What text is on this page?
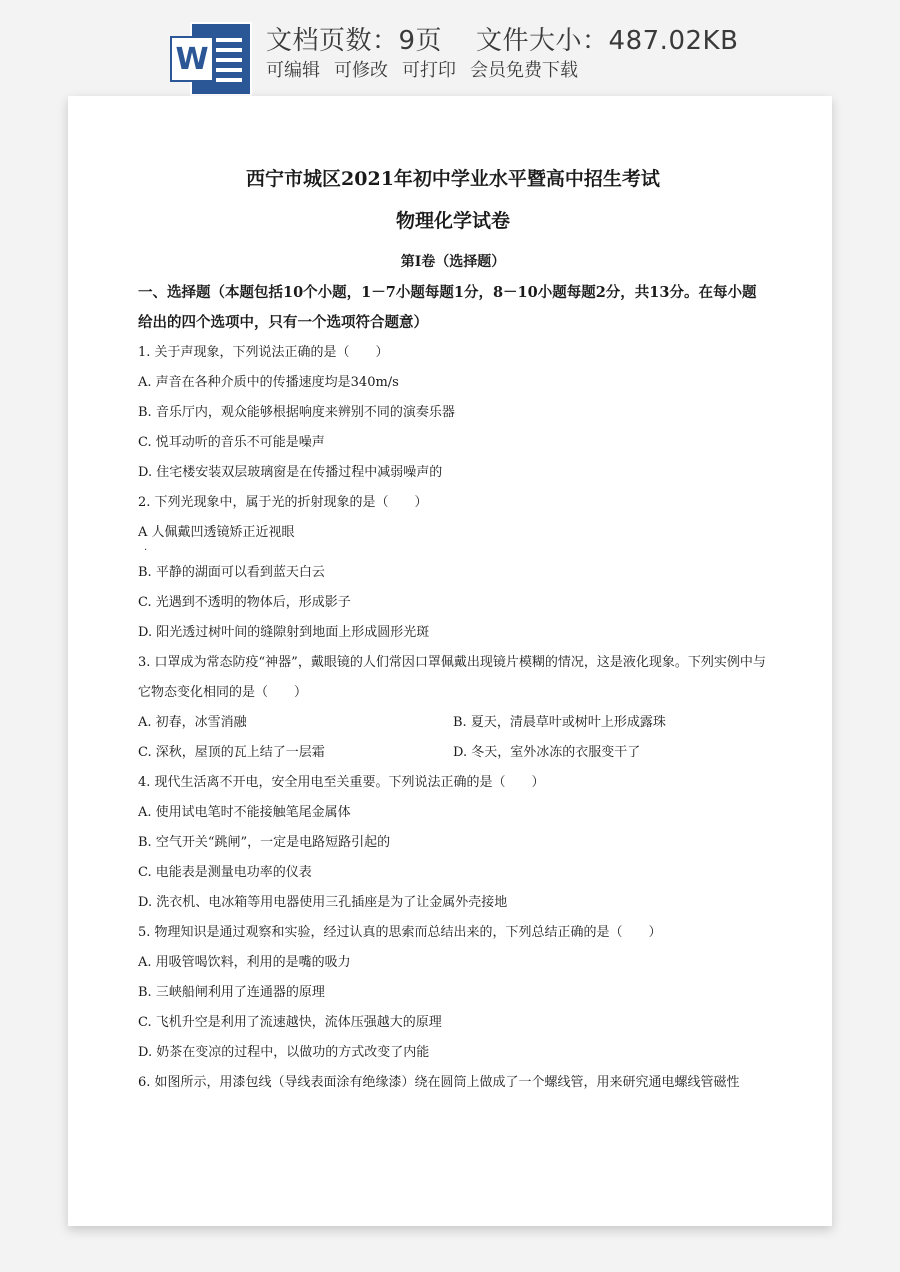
W
文档页数：9页 文件大小：487.02KB
可编辑 可修改 可打印 会员免费下载
西宁市城区2021年初中学业水平暨高中招生考试
物理化学试卷
第Ⅰ卷（选择题）
一、选择题（本题包括10个小题，1－7小题每题1分，8－10小题每题2分，共13分。在每小题给出的四个选项中，只有一个选项符合题意）
1. 关于声现象，下列说法正确的是（　　）
A. 声音在各种介质中的传播速度均是340m/s
B. 音乐厅内，观众能够根据响度来辨别不同的演奏乐器
C. 悦耳动听的音乐不可能是噪声
D. 住宅楼安装双层玻璃窗是在传播过程中减弱噪声的
2. 下列光现象中，属于光的折射现象的是（　　）
A 人佩戴凹透镜矫正近视眼
·
B. 平静的湖面可以看到蓝天白云
C. 光遇到不透明的物体后，形成影子
D. 阳光透过树叶间的缝隙射到地面上形成圆形光斑
3. 口罩成为常态防疫“神器”，戴眼镜的人们常因口罩佩戴出现镜片模糊的情况，这是液化现象。下列实例中与它物态变化相同的是（　　）
A. 初春，冰雪消融	B. 夏天，清晨草叶或树叶上形成露珠
C. 深秋，屋顶的瓦上结了一层霜	D. 冬天，室外冰冻的衣服变干了
4. 现代生活离不开电，安全用电至关重要。下列说法正确的是（　　）
A. 使用试电笔时不能接触笔尾金属体
B. 空气开关“跳闸”，一定是电路短路引起的
C. 电能表是测量电功率的仪表
D. 洗衣机、电冰箱等用电器使用三孔插座是为了让金属外壳接地
5. 物理知识是通过观察和实验，经过认真的思索而总结出来的，下列总结正确的是（　　）
A. 用吸管喝饮料，利用的是嘴的吸力
B. 三峡船闸利用了连通器的原理
C. 飞机升空是利用了流速越快，流体压强越大的原理
D. 奶茶在变凉的过程中，以做功的方式改变了内能
6. 如图所示，用漆包线（导线表面涂有绝缘漆）绕在圆筒上做成了一个螺线管，用来研究通电螺线管磁性
